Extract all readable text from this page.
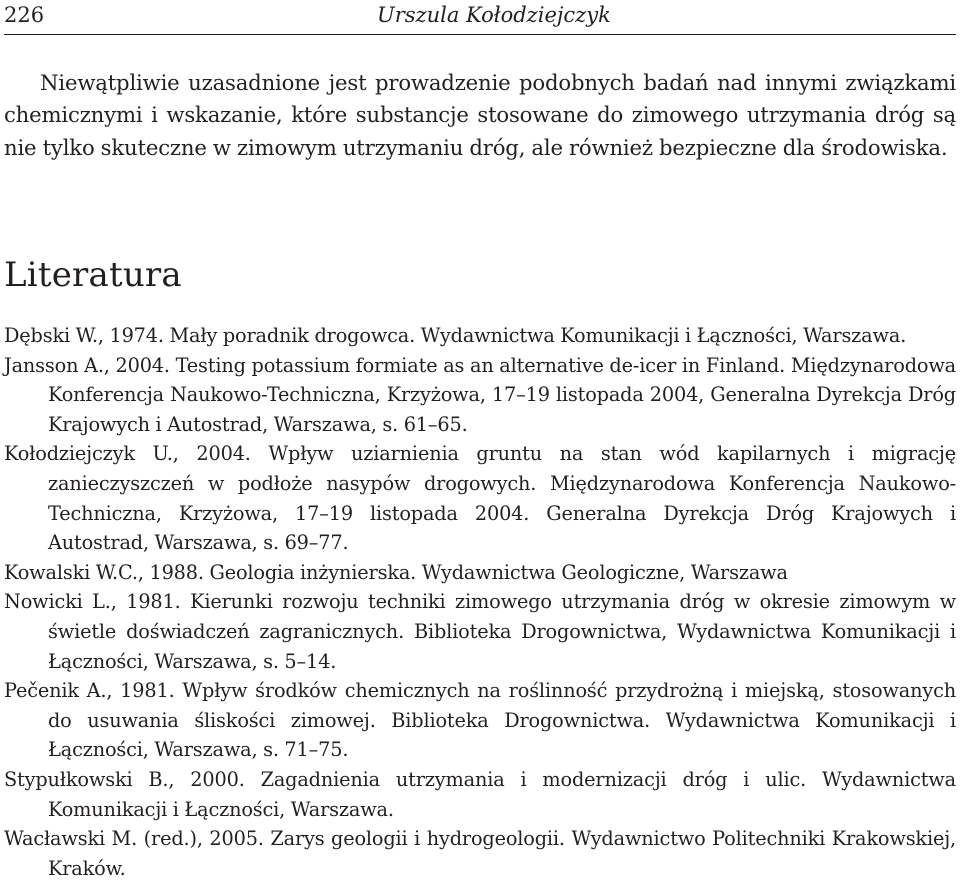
226	Urszula Kołodziejczyk

Niewątpliwie uzasadnione jest prowadzenie podobnych badań nad innymi związkami chemicznymi i wskazanie, które substancje stosowane do zimowego utrzymania dróg są nie tylko skuteczne w zimowym utrzymaniu dróg, ale również bezpieczne dla środowiska.

Literatura

Dębski W., 1974. Mały poradnik drogowca. Wydawnictwa Komunikacji i Łączności, Warszawa.

Jansson A., 2004. Testing potassium formiate as an alternative de-icer in Finland. Międzynarodowa Konferencja Naukowo-Techniczna, Krzyżowa, 17–19 listopada 2004, Generalna Dyrekcja Dróg Krajowych i Autostrad, Warszawa, s. 61–65.

Kołodziejczyk U., 2004. Wpływ uziarnienia gruntu na stan wód kapilarnych i migrację zanieczyszczeń w podłoże nasypów drogowych. Międzynarodowa Konferencja Naukowo-Techniczna, Krzyżowa, 17–19 listopada 2004. Generalna Dyrekcja Dróg Krajowych i Autostrad, Warszawa, s. 69–77.

Kowalski W.C., 1988. Geologia inżynierska. Wydawnictwa Geologiczne, Warszawa

Nowicki L., 1981. Kierunki rozwoju techniki zimowego utrzymania dróg w okresie zimowym w świetle doświadczeń zagranicznych. Biblioteka Drogownictwa, Wydawnictwa Komunikacji i Łączności, Warszawa, s. 5–14.

Pečenik A., 1981. Wpływ środków chemicznych na roślinność przydrożną i miejską, stosowanych do usuwania śliskości zimowej. Biblioteka Drogownictwa. Wydawnictwa Komunikacji i Łączności, Warszawa, s. 71–75.

Stypułkowski B., 2000. Zagadnienia utrzymania i modernizacji dróg i ulic. Wydawnictwa Komunikacji i Łączności, Warszawa.

Wacławski M. (red.), 2005. Zarys geologii i hydrogeologii. Wydawnictwo Politechniki Krakowskiej, Kraków.
